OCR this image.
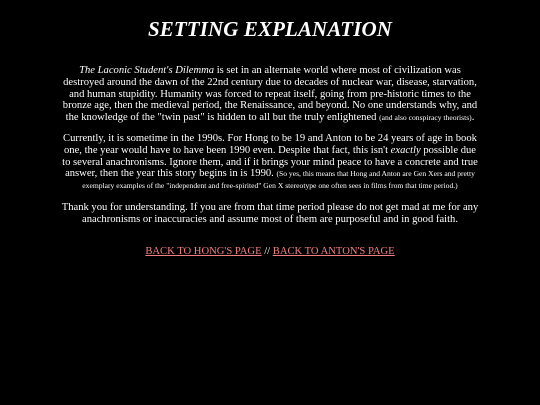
SETTING EXPLANATION

The Laconic Student's Dilemma is set in an alternate world where most of civilization was destroyed around the dawn of the 22nd century due to decades of nuclear war, disease, starvation, and human stupidity. Humanity was forced to repeat itself, going from pre-historic times to the bronze age, then the medieval period, the Renaissance, and beyond. No one understands why, and the knowledge of the "twin past" is hidden to all but the truly enlightened (and also conspiracy theorists).

Currently, it is sometime in the 1990s. For Hong to be 19 and Anton to be 24 years of age in book one, the year would have to have been 1990 even. Despite that fact, this isn't exactly possible due to several anachronisms. Ignore them, and if it brings your mind peace to have a concrete and true answer, then the year this story begins in is 1990. (So yes, this means that Hong and Anton are Gen Xers and pretty exemplary examples of the "independent and free-spirited" Gen X stereotype one often sees in films from that time period.)

Thank you for understanding. If you are from that time period please do not get mad at me for any anachronisms or inaccuracies and assume most of them are purposeful and in good faith.

BACK TO HONG'S PAGE // BACK TO ANTON'S PAGE
